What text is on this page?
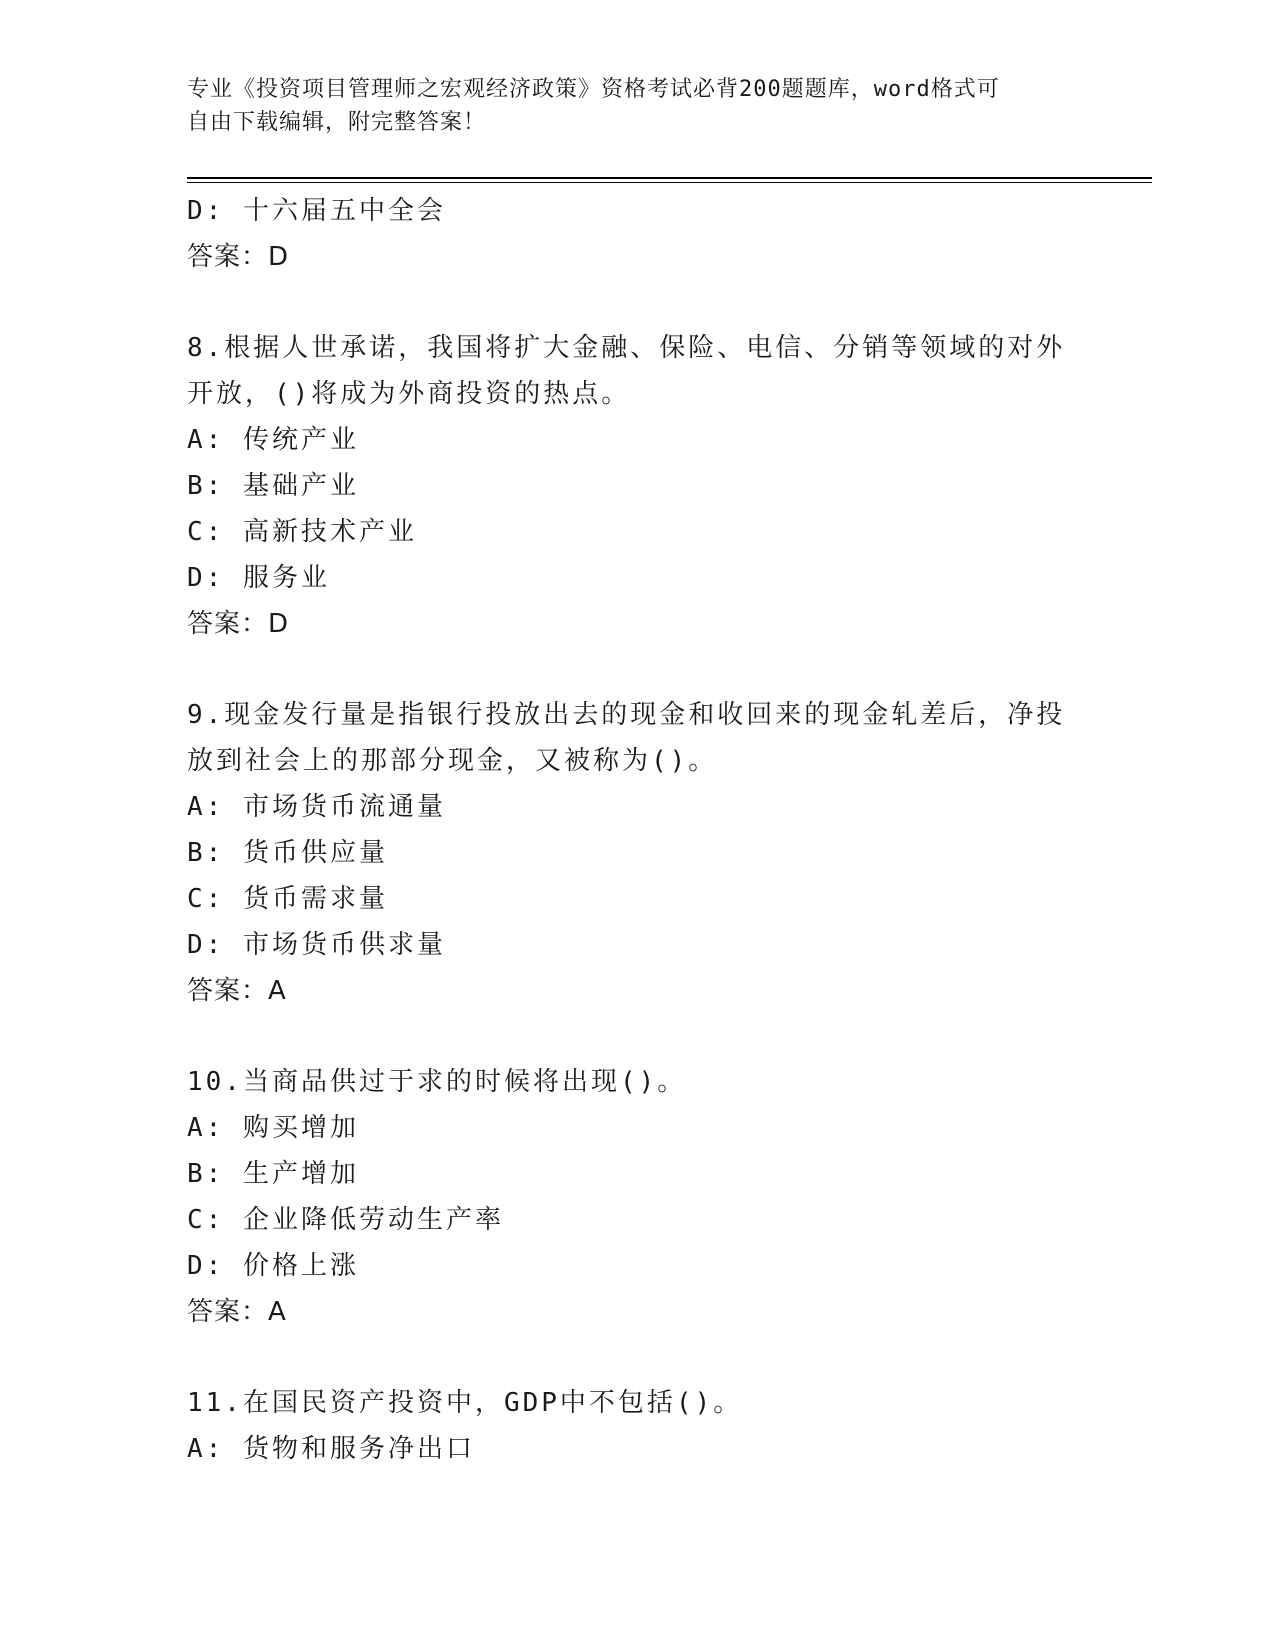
专业《投资项目管理师之宏观经济政策》资格考试必背200题题库，word格式可
自由下载编辑，附完整答案！
D: 十六届五中全会
答案：D
8.根据人世承诺，我国将扩大金融、保险、电信、分销等领域的对外
开放，()将成为外商投资的热点。
A: 传统产业
B: 基础产业
C: 高新技术产业
D: 服务业
答案：D
9.现金发行量是指银行投放出去的现金和收回来的现金轧差后，净投
放到社会上的那部分现金，又被称为()。
A: 市场货币流通量
B: 货币供应量
C: 货币需求量
D: 市场货币供求量
答案：A
10.当商品供过于求的时候将出现()。
A: 购买增加
B: 生产增加
C: 企业降低劳动生产率
D: 价格上涨
答案：A
11.在国民资产投资中，GDP中不包括()。
A: 货物和服务净出口
